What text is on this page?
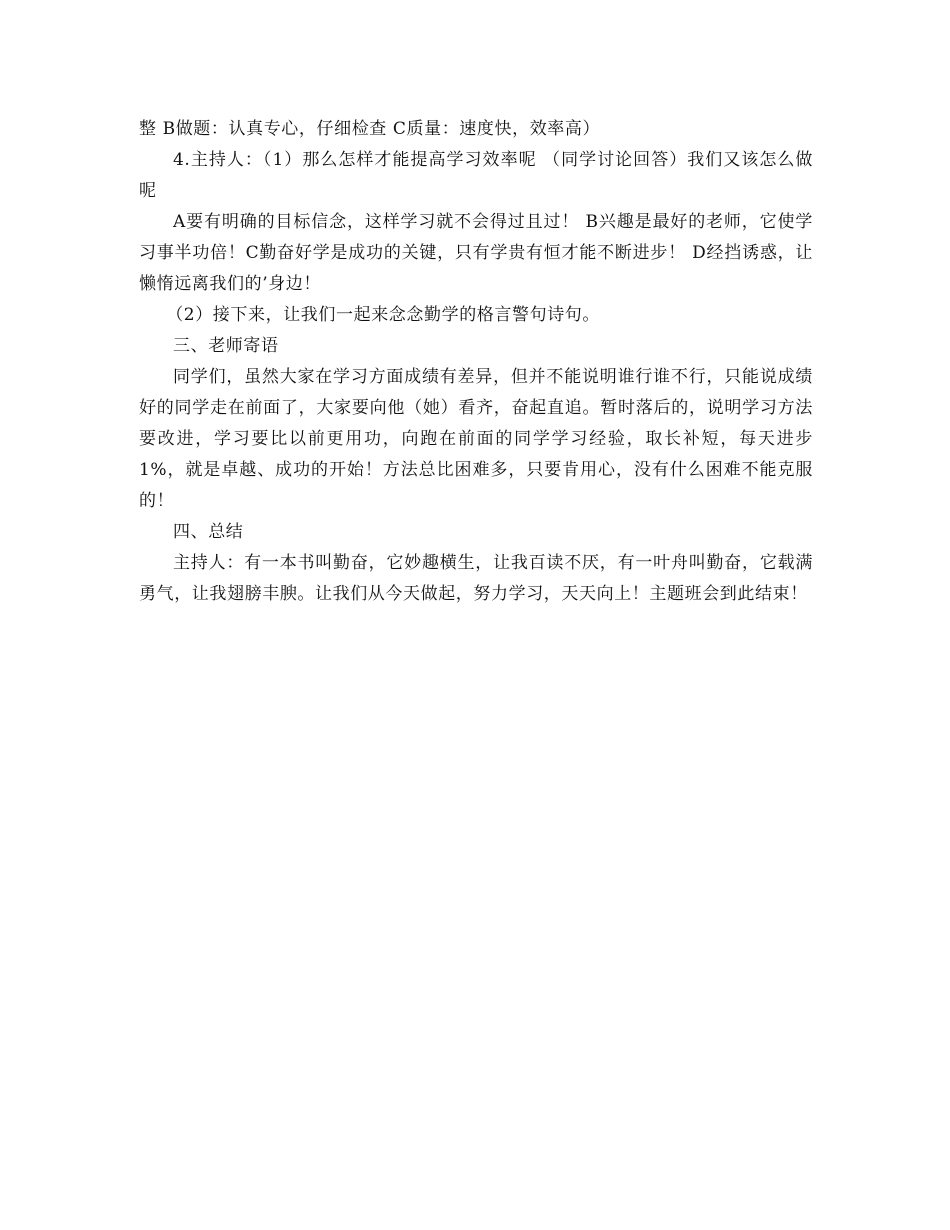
整 B做题：认真专心，仔细检查 C质量：速度快，效率高）

4.主持人：（1）那么怎样才能提高学习效率呢 （同学讨论回答）我们又该怎么做呢

A要有明确的目标信念，这样学习就不会得过且过！ B兴趣是最好的老师，它使学习事半功倍！C勤奋好学是成功的关键，只有学贵有恒才能不断进步！ D经挡诱惑，让懒惰远离我们的’身边！

（2）接下来，让我们一起来念念勤学的格言警句诗句。

三、老师寄语

同学们，虽然大家在学习方面成绩有差异，但并不能说明谁行谁不行，只能说成绩好的同学走在前面了，大家要向他（她）看齐，奋起直追。暂时落后的，说明学习方法要改进，学习要比以前更用功，向跑在前面的同学学习经验，取长补短，每天进步1%，就是卓越、成功的开始！方法总比困难多，只要肯用心，没有什么困难不能克服的！

四、总结

主持人：有一本书叫勤奋，它妙趣横生，让我百读不厌，有一叶舟叫勤奋，它载满勇气，让我翅膀丰腴。让我们从今天做起，努力学习，天天向上！主题班会到此结束！
